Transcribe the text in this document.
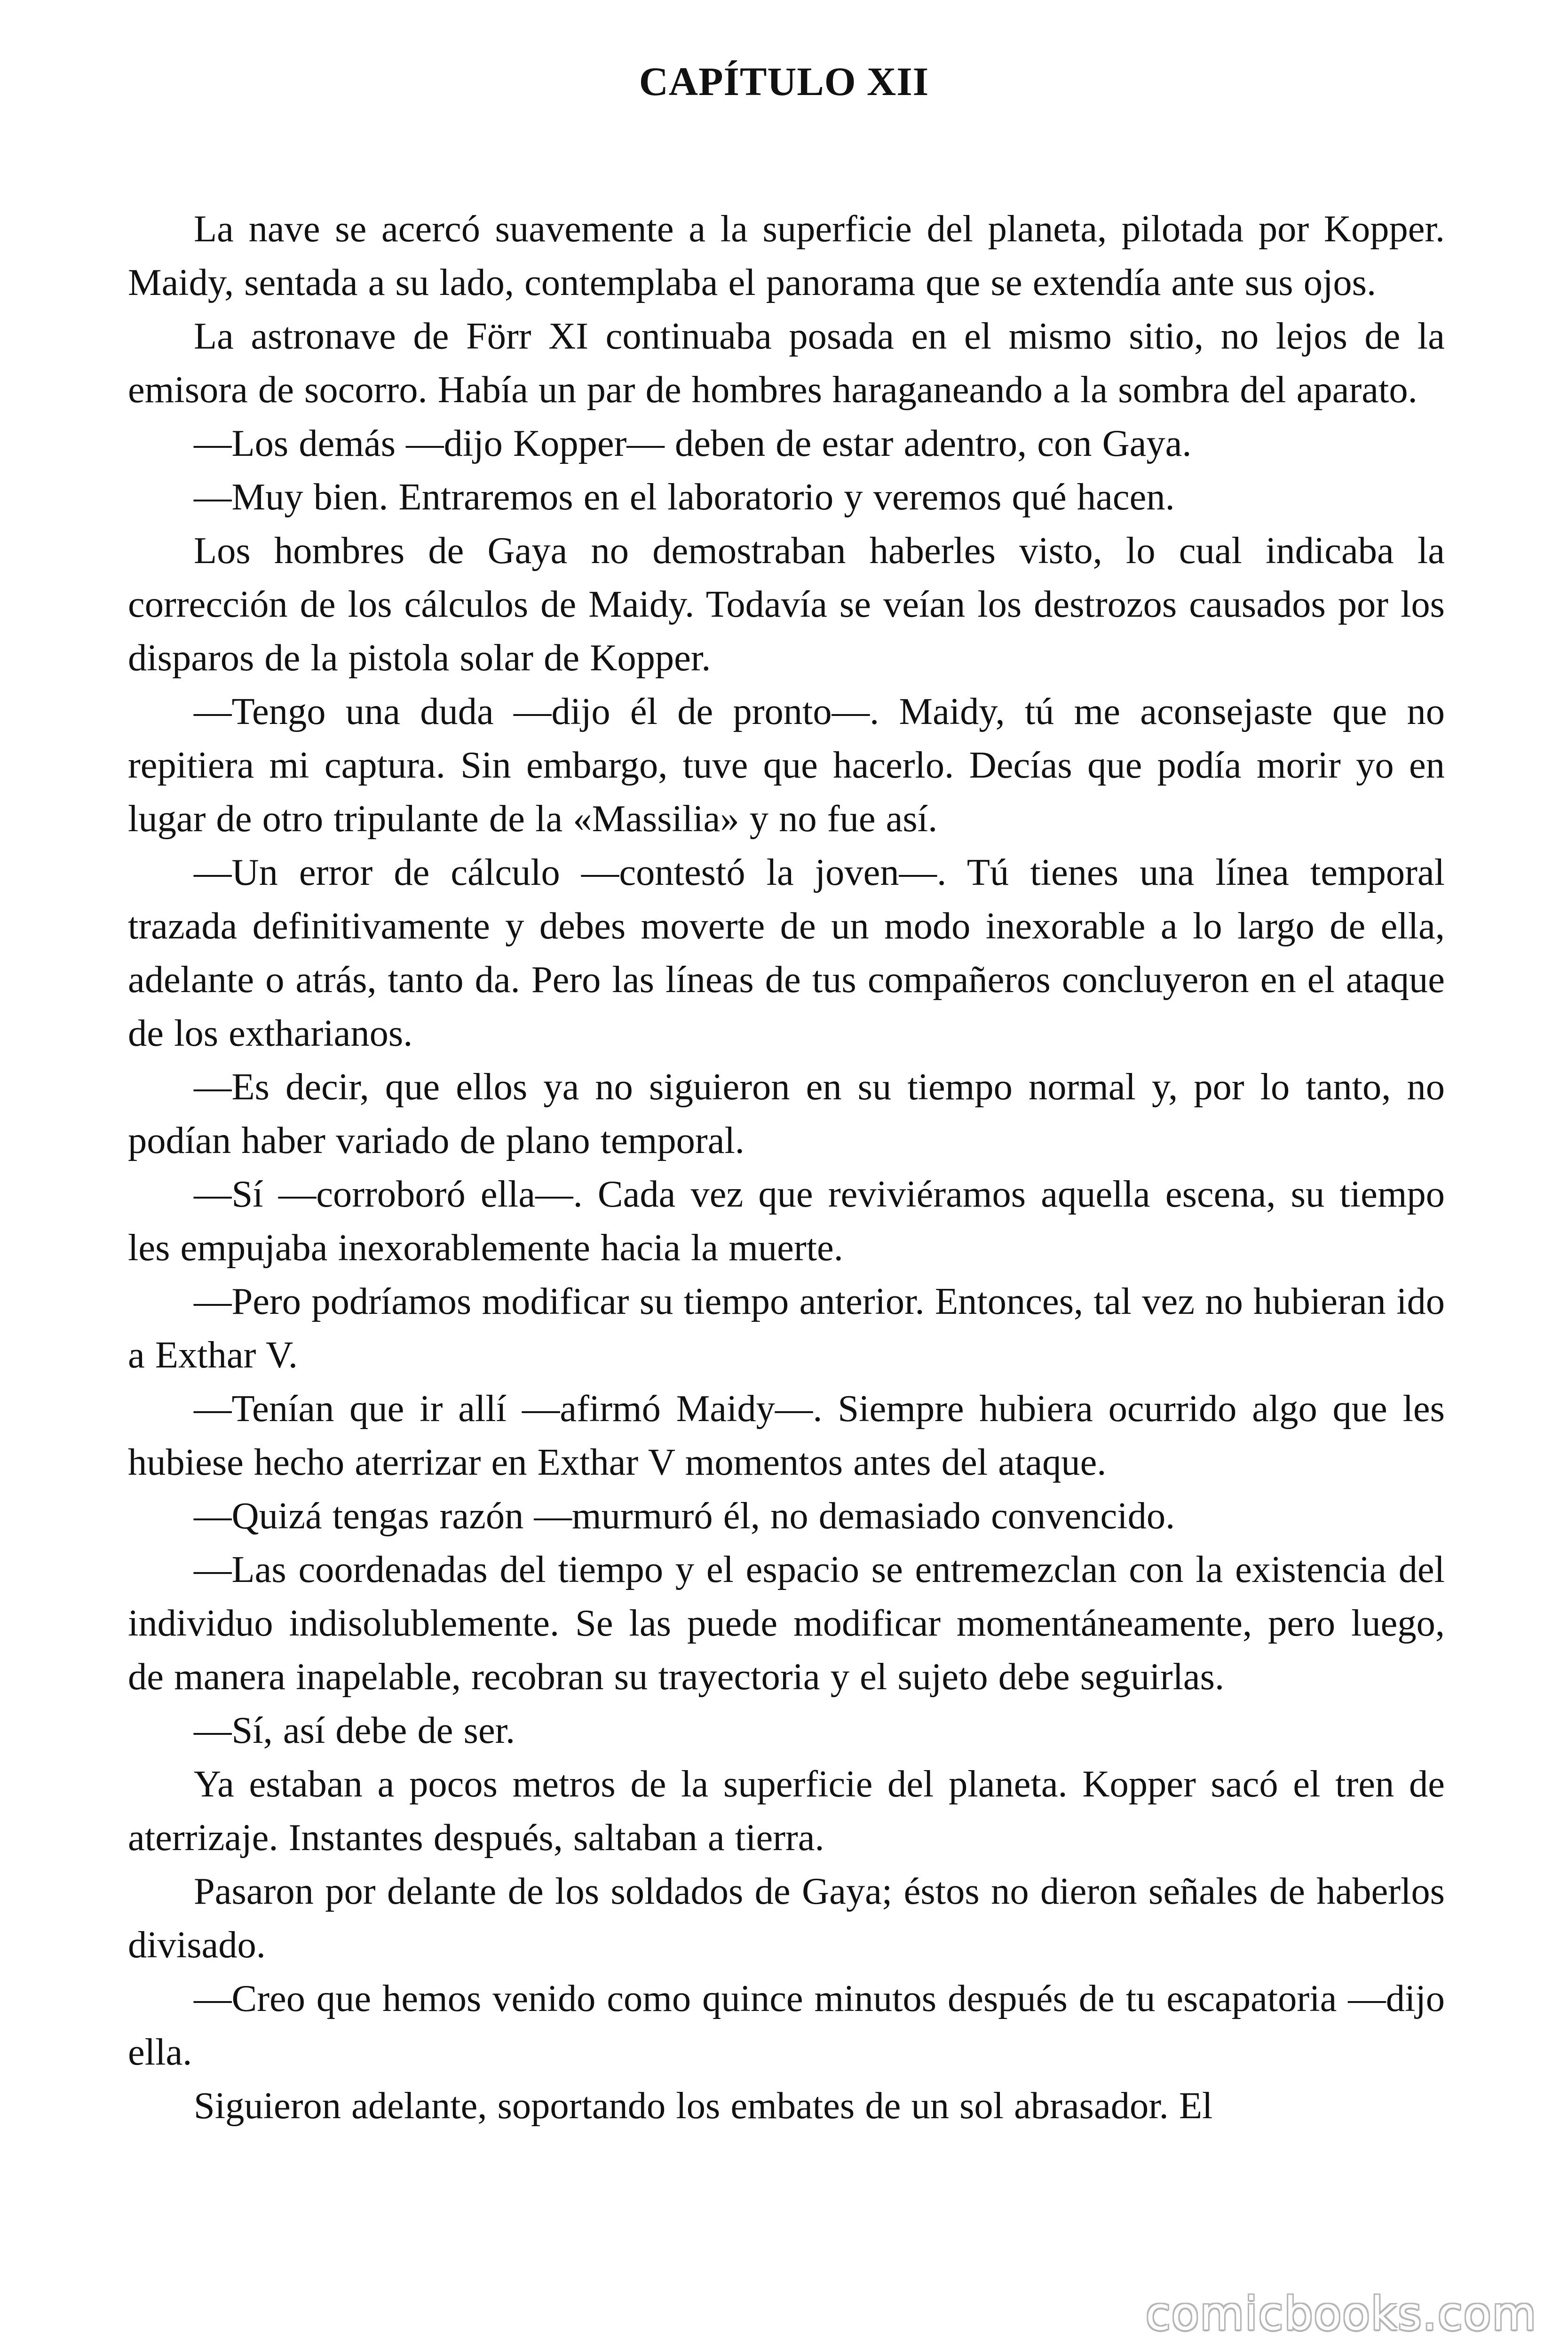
CAPÍTULO XII

La nave se acercó suavemente a la superficie del planeta, pilotada por Kopper. Maidy, sentada a su lado, contemplaba el panorama que se extendía ante sus ojos.

La astronave de Förr XI continuaba posada en el mismo sitio, no lejos de la emisora de socorro. Había un par de hombres haraganeando a la sombra del aparato.

—Los demás —dijo Kopper— deben de estar adentro, con Gaya.

—Muy bien. Entraremos en el laboratorio y veremos qué hacen.

Los hombres de Gaya no demostraban haberles visto, lo cual indicaba la corrección de los cálculos de Maidy. Todavía se veían los destrozos causados por los disparos de la pistola solar de Kopper.

—Tengo una duda —dijo él de pronto—. Maidy, tú me aconsejaste que no repitiera mi captura. Sin embargo, tuve que hacerlo. Decías que podía morir yo en lugar de otro tripulante de la «Massilia» y no fue así.

—Un error de cálculo —contestó la joven—. Tú tienes una línea temporal trazada definitivamente y debes moverte de un modo inexorable a lo largo de ella, adelante o atrás, tanto da. Pero las líneas de tus compañeros concluyeron en el ataque de los extharianos.

—Es decir, que ellos ya no siguieron en su tiempo normal y, por lo tanto, no podían haber variado de plano temporal.

—Sí —corroboró ella—. Cada vez que reviviéramos aquella escena, su tiempo les empujaba inexorablemente hacia la muerte.

—Pero podríamos modificar su tiempo anterior. Entonces, tal vez no hubieran ido a Exthar V.

—Tenían que ir allí —afirmó Maidy—. Siempre hubiera ocurrido algo que les hubiese hecho aterrizar en Exthar V momentos antes del ataque.

—Quizá tengas razón —murmuró él, no demasiado convencido.

—Las coordenadas del tiempo y el espacio se entremezclan con la existencia del individuo indisolublemente. Se las puede modificar momentáneamente, pero luego, de manera inapelable, recobran su trayectoria y el sujeto debe seguirlas.

—Sí, así debe de ser.

Ya estaban a pocos metros de la superficie del planeta. Kopper sacó el tren de aterrizaje. Instantes después, saltaban a tierra.

Pasaron por delante de los soldados de Gaya; éstos no dieron señales de haberlos divisado.

—Creo que hemos venido como quince minutos después de tu escapatoria —dijo ella.

Siguieron adelante, soportando los embates de un sol abrasador. El

comicbooks.com
